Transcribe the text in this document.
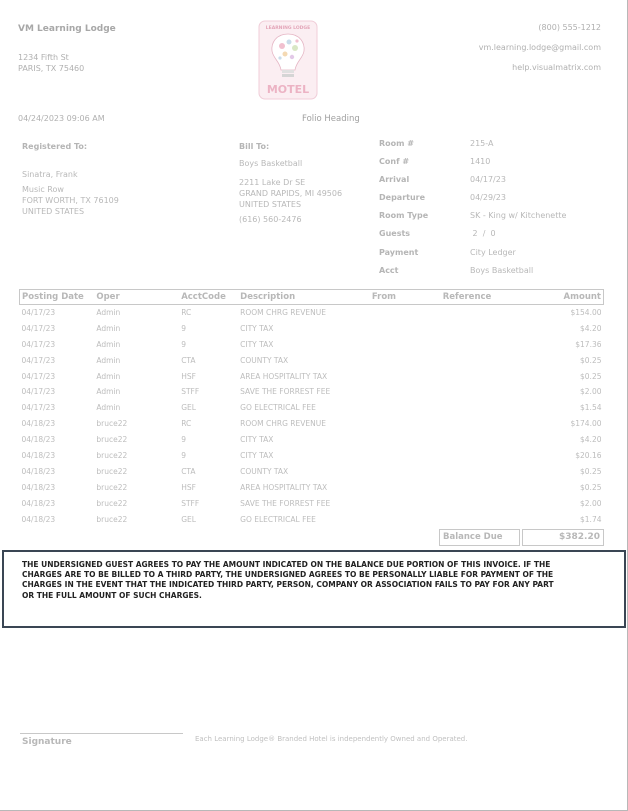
VM Learning Lodge
1234 Fifth St
PARIS, TX 75460
LEARNING LODGE
MOTEL
(800) 555-1212
vm.learning.lodge@gmail.com
help.visualmatrix.com
04/24/2023 09:06 AM	Folio Heading
Registered To:
Sinatra, Frank
Music Row
FORT WORTH, TX 76109
UNITED STATES
Bill To:
Boys Basketball
2211 Lake Dr SE
GRAND RAPIDS, MI 49506
UNITED STATES
(616) 560-2476
Room #	215-A
Conf #	1410
Arrival	04/17/23
Departure	04/29/23
Room Type	SK - King w/ Kitchenette
Guests	2  /  0
Payment	City Ledger
Acct	Boys Basketball
Posting Date	Oper	AcctCode	Description	From	Reference	Amount
04/17/23	Admin	RC	ROOM CHRG REVENUE			$154.00
04/17/23	Admin	9	CITY TAX			$4.20
04/17/23	Admin	9	CITY TAX			$17.36
04/17/23	Admin	CTA	COUNTY TAX			$0.25
04/17/23	Admin	HSF	AREA HOSPITALITY TAX			$0.25
04/17/23	Admin	STFF	SAVE THE FORREST FEE			$2.00
04/17/23	Admin	GEL	GO ELECTRICAL FEE			$1.54
04/18/23	bruce22	RC	ROOM CHRG REVENUE			$174.00
04/18/23	bruce22	9	CITY TAX			$4.20
04/18/23	bruce22	9	CITY TAX			$20.16
04/18/23	bruce22	CTA	COUNTY TAX			$0.25
04/18/23	bruce22	HSF	AREA HOSPITALITY TAX			$0.25
04/18/23	bruce22	STFF	SAVE THE FORREST FEE			$2.00
04/18/23	bruce22	GEL	GO ELECTRICAL FEE			$1.74
Balance Due	$382.20
THE UNDERSIGNED GUEST AGREES TO PAY THE AMOUNT INDICATED ON THE BALANCE DUE PORTION OF THIS INVOICE. IF THE CHARGES ARE TO BE BILLED TO A THIRD PARTY, THE UNDERSIGNED AGREES TO BE PERSONALLY LIABLE FOR PAYMENT OF THE CHARGES IN THE EVENT THAT THE INDICATED THIRD PARTY, PERSON, COMPANY OR ASSOCIATION FAILS TO PAY FOR ANY PART OR THE FULL AMOUNT OF SUCH CHARGES.
Signature	Each Learning Lodge® Branded Hotel is independently Owned and Operated.
